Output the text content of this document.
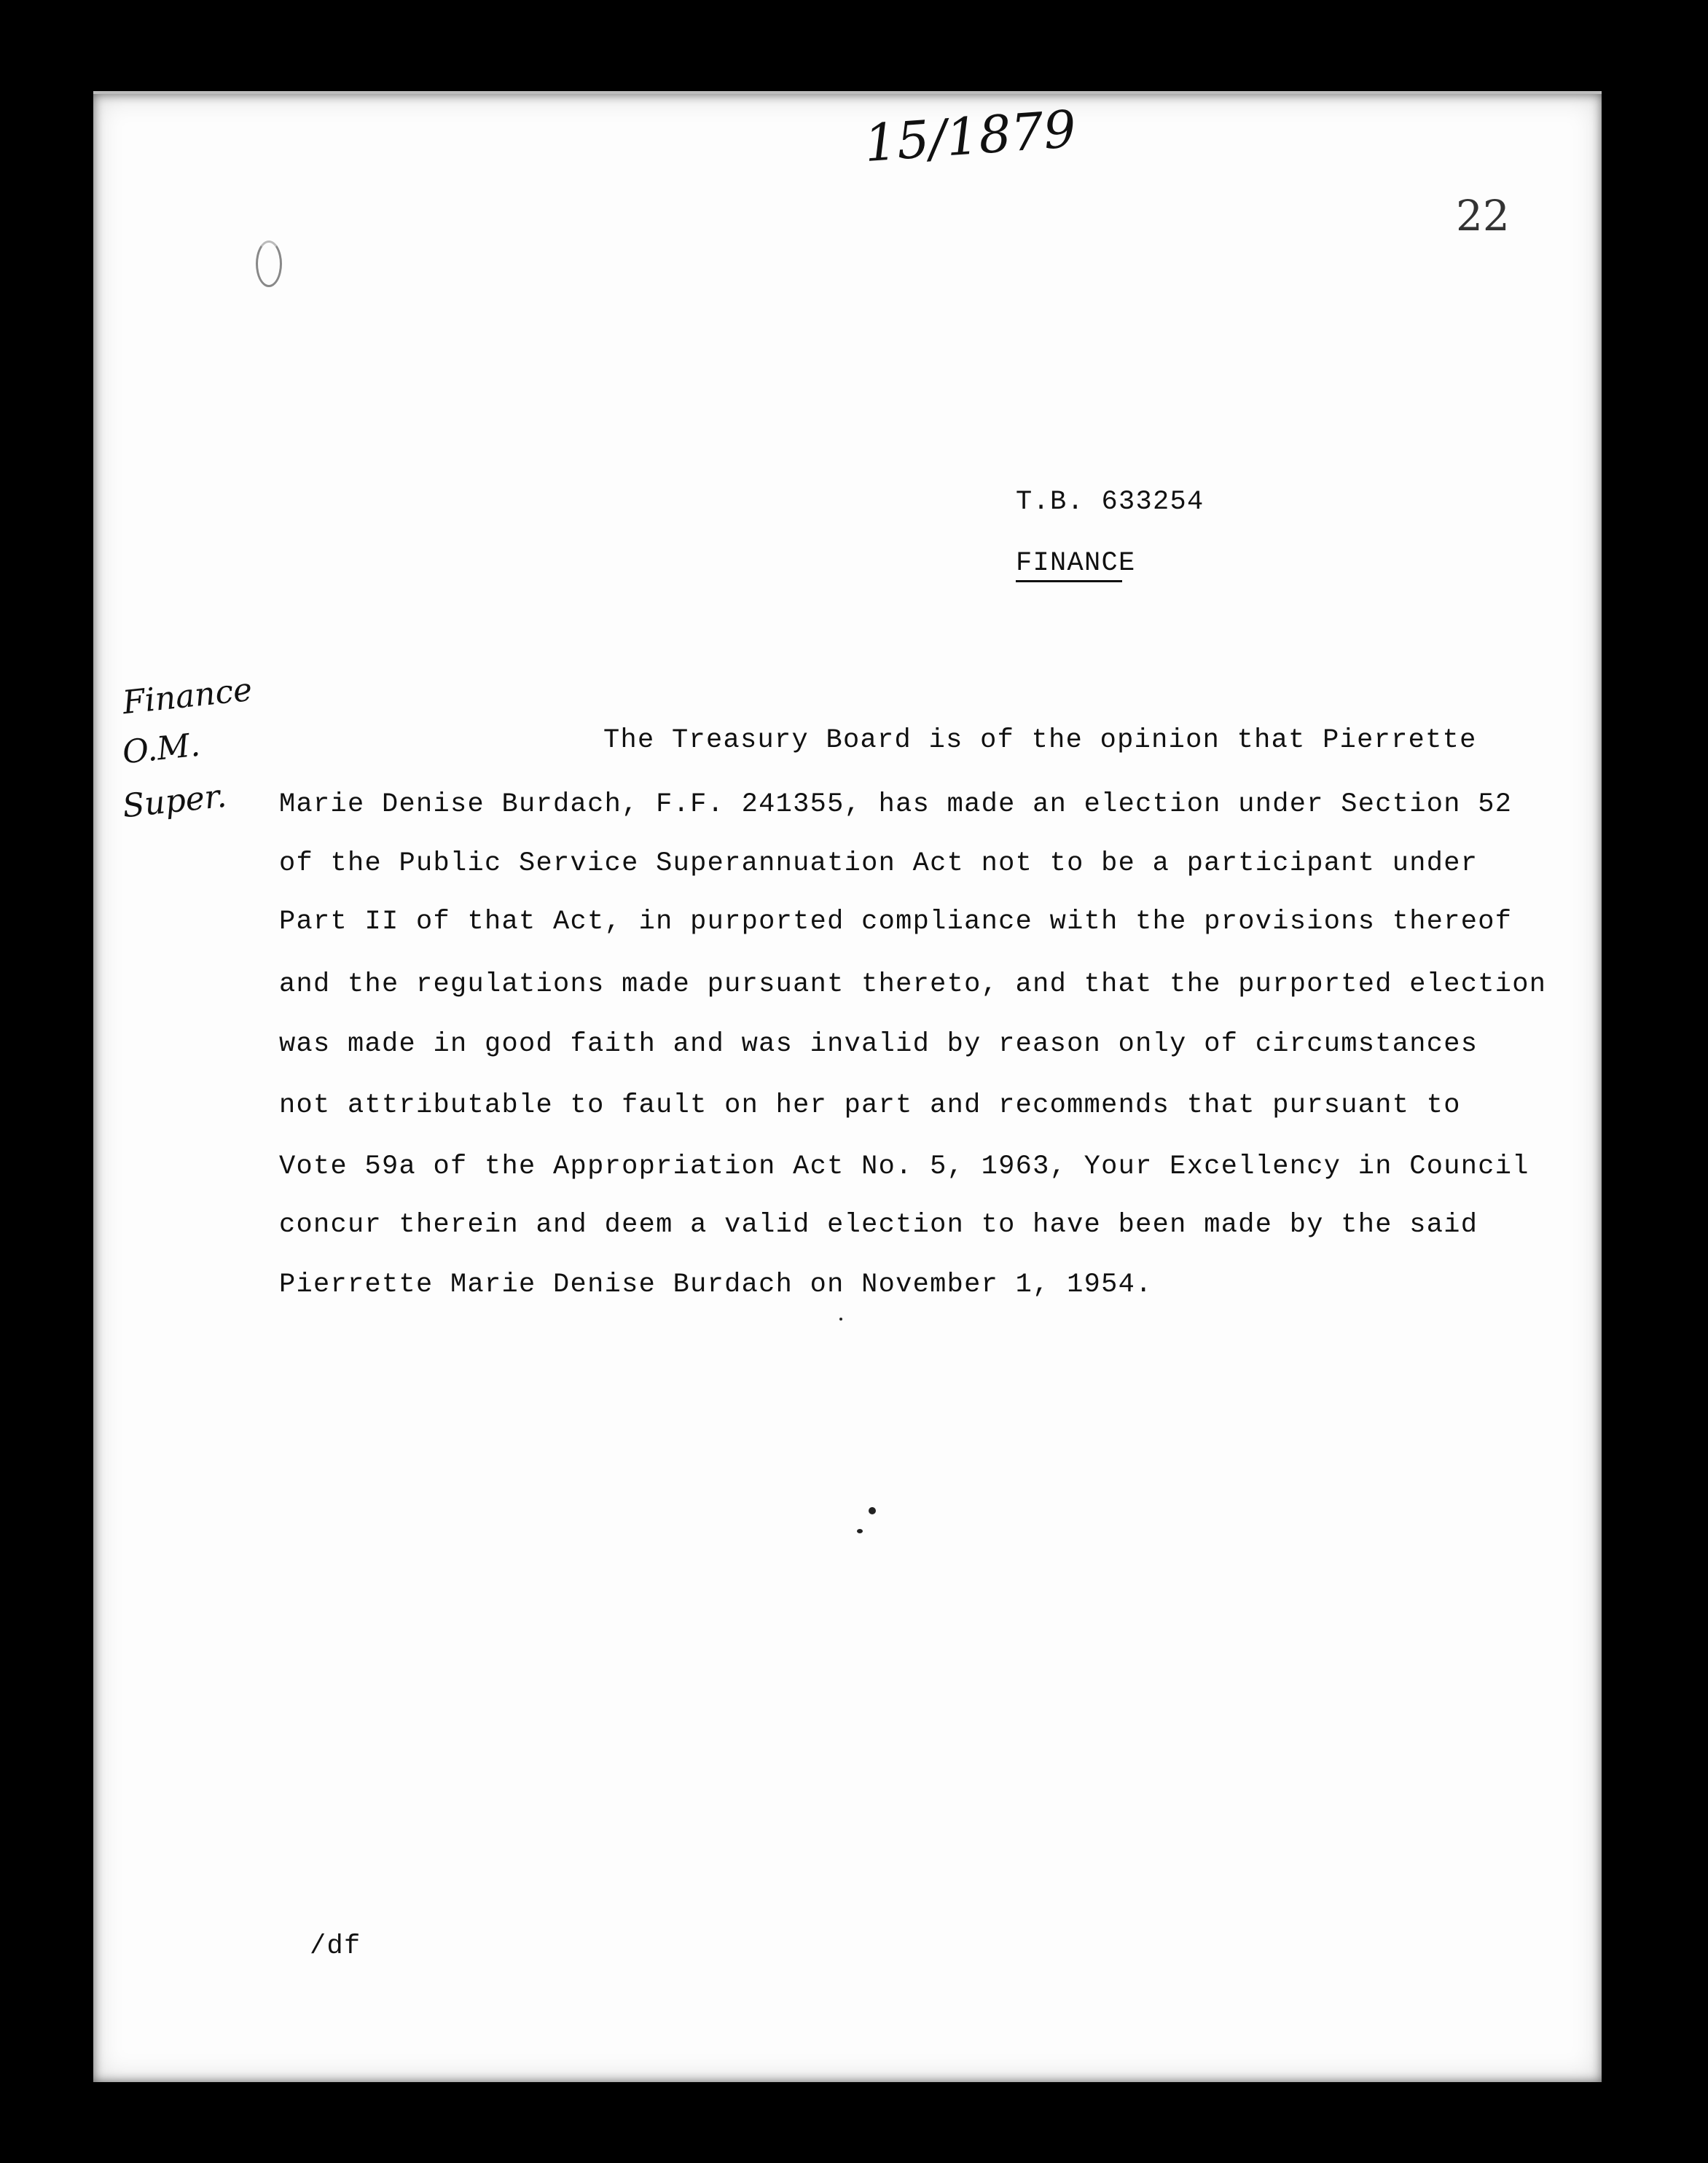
15/1879
22
T.B. 633254
FINANCE
Finance
O.M.
Super.
The Treasury Board is of the opinion that Pierrette
Marie Denise Burdach, F.F. 241355, has made an election under Section 52
of the Public Service Superannuation Act not to be a participant under
Part II of that Act, in purported compliance with the provisions thereof
and the regulations made pursuant thereto, and that the purported election
was made in good faith and was invalid by reason only of circumstances
not attributable to fault on her part and recommends that pursuant to
Vote 59a of the Appropriation Act No. 5, 1963, Your Excellency in Council
concur therein and deem a valid election to have been made by the said
Pierrette Marie Denise Burdach on November 1, 1954.
/df
